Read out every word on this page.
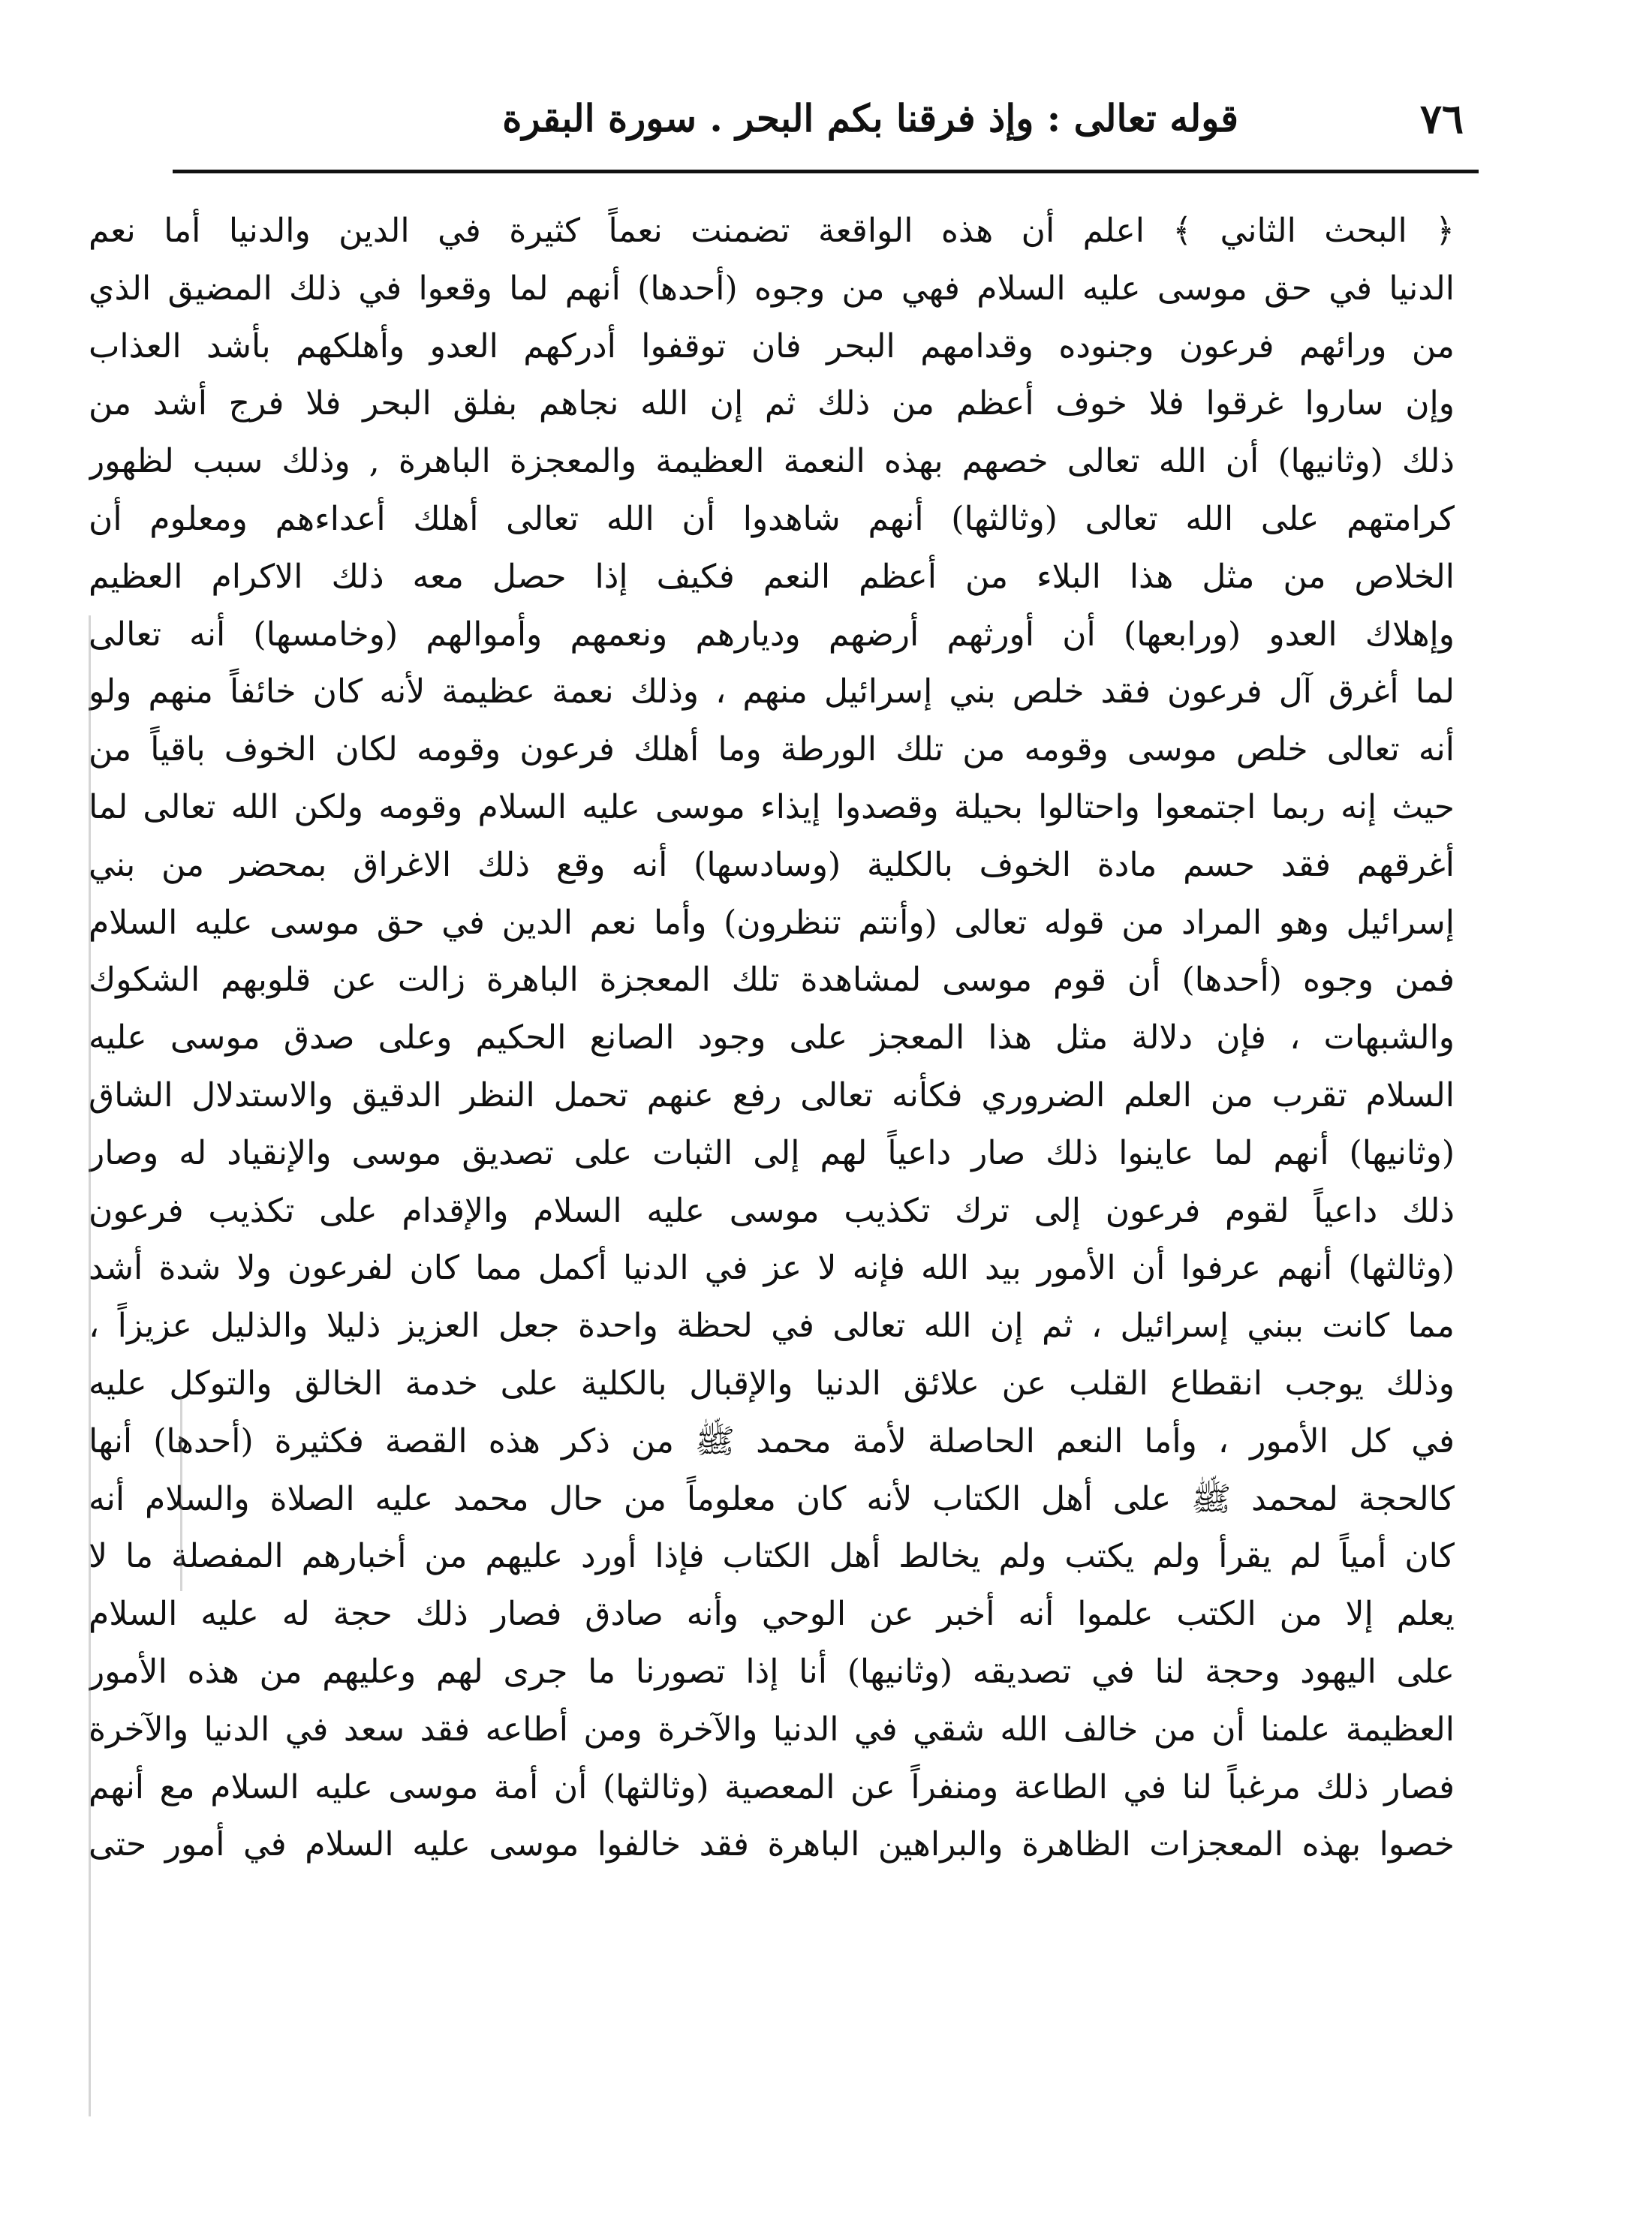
٧٦
قوله تعالى : وإذ فرقنا بكم البحر . سورة البقرة
﴿ البحث الثاني ﴾ اعلم أن هذه الواقعة تضمنت نعماً كثيرة في الدين والدنيا أما نعم
الدنيا في حق موسى عليه السلام فهي من وجوه (أحدها) أنهم لما وقعوا في ذلك المضيق الذي
من ورائهم فرعون وجنوده وقدامهم البحر فان توقفوا أدركهم العدو وأهلكهم بأشد العذاب
وإن ساروا غرقوا فلا خوف أعظم من ذلك ثم إن الله نجاهم بفلق البحر فلا فرج أشد من
ذلك (وثانيها) أن الله تعالى خصهم بهذه النعمة العظيمة والمعجزة الباهرة , وذلك سبب لظهور
كرامتهم على الله تعالى (وثالثها) أنهم شاهدوا أن الله تعالى أهلك أعداءهم ومعلوم أن
الخلاص من مثل هذا البلاء من أعظم النعم فكيف إذا حصل معه ذلك الاكرام العظيم
وإهلاك العدو (ورابعها) أن أورثهم أرضهم وديارهم ونعمهم وأموالهم (وخامسها) أنه تعالى
لما أغرق آل فرعون فقد خلص بني إسرائيل منهم ، وذلك نعمة عظيمة لأنه كان خائفاً منهم ولو
أنه تعالى خلص موسى وقومه من تلك الورطة وما أهلك فرعون وقومه لكان الخوف باقياً من
حيث إنه ربما اجتمعوا واحتالوا بحيلة وقصدوا إيذاء موسى عليه السلام وقومه ولكن الله تعالى لما
أغرقهم فقد حسم مادة الخوف بالكلية (وسادسها) أنه وقع ذلك الاغراق بمحضر من بني
إسرائيل وهو المراد من قوله تعالى (وأنتم تنظرون) وأما نعم الدين في حق موسى عليه السلام
فمن وجوه (أحدها) أن قوم موسى لمشاهدة تلك المعجزة الباهرة زالت عن قلوبهم الشكوك
والشبهات ، فإن دلالة مثل هذا المعجز على وجود الصانع الحكيم وعلى صدق موسى عليه
السلام تقرب من العلم الضروري فكأنه تعالى رفع عنهم تحمل النظر الدقيق والاستدلال الشاق
(وثانيها) أنهم لما عاينوا ذلك صار داعياً لهم إلى الثبات على تصديق موسى والإنقياد له وصار
ذلك داعياً لقوم فرعون إلى ترك تكذيب موسى عليه السلام والإقدام على تكذيب فرعون
(وثالثها) أنهم عرفوا أن الأمور بيد الله فإنه لا عز في الدنيا أكمل مما كان لفرعون ولا شدة أشد
مما كانت ببني إسرائيل ، ثم إن الله تعالى في لحظة واحدة جعل العزيز ذليلا والذليل عزيزاً ،
وذلك يوجب انقطاع القلب عن علائق الدنيا والإقبال بالكلية على خدمة الخالق والتوكل عليه
في كل الأمور ، وأما النعم الحاصلة لأمة محمد ﷺ من ذكر هذه القصة فكثيرة (أحدها) أنها
كالحجة لمحمد ﷺ على أهل الكتاب لأنه كان معلوماً من حال محمد عليه الصلاة والسلام أنه
كان أمياً لم يقرأ ولم يكتب ولم يخالط أهل الكتاب فإذا أورد عليهم من أخبارهم المفصلة ما لا
يعلم إلا من الكتب علموا أنه أخبر عن الوحي وأنه صادق فصار ذلك حجة له عليه السلام
على اليهود وحجة لنا في تصديقه (وثانيها) أنا إذا تصورنا ما جرى لهم وعليهم من هذه الأمور
العظيمة علمنا أن من خالف الله شقي في الدنيا والآخرة ومن أطاعه فقد سعد في الدنيا والآخرة
فصار ذلك مرغباً لنا في الطاعة ومنفراً عن المعصية (وثالثها) أن أمة موسى عليه السلام مع أنهم
خصوا بهذه المعجزات الظاهرة والبراهين الباهرة فقد خالفوا موسى عليه السلام في أمور حتى
